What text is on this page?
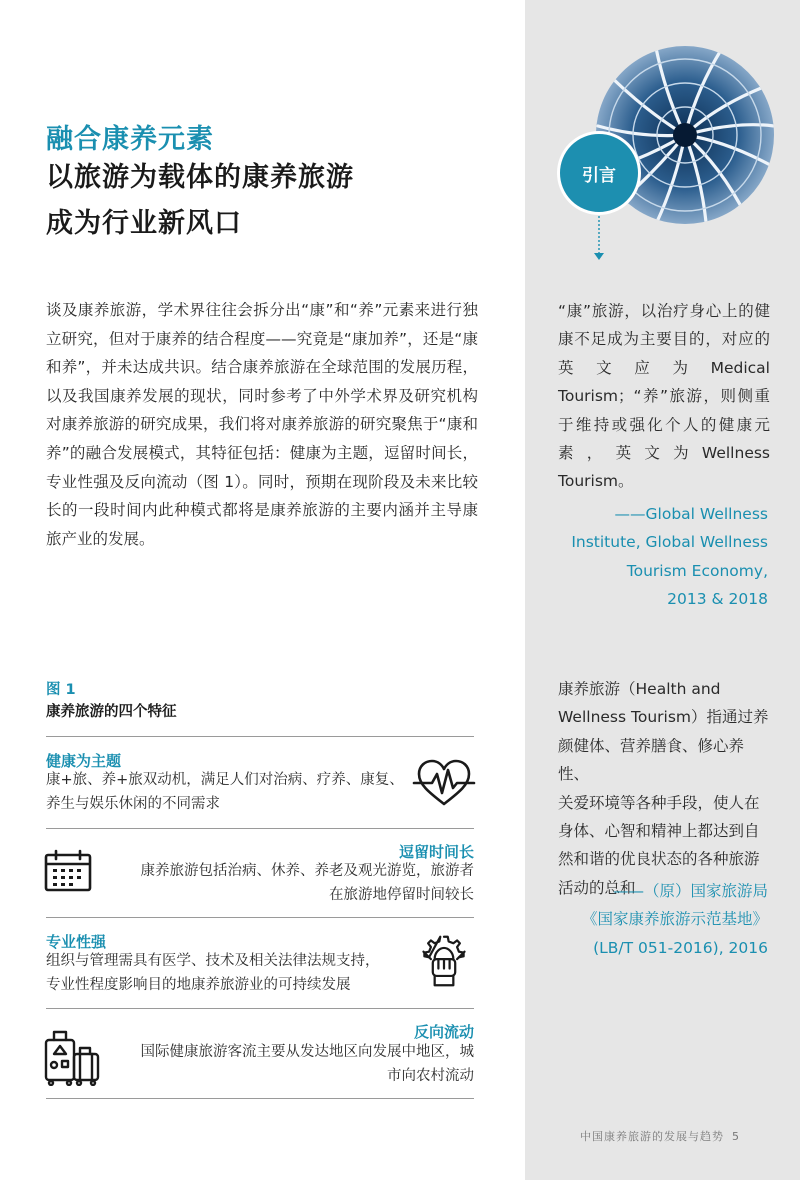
融合康养元素
以旅游为载体的康养旅游
成为行业新风口

谈及康养旅游，学术界往往会拆分出“康”和“养”元素来进行独立研究，但对于康养的结合程度——究竟是“康加养”，还是“康和养”，并未达成共识。结合康养旅游在全球范围的发展历程，以及我国康养发展的现状，同时参考了中外学术界及研究机构对康养旅游的研究成果，我们将对康养旅游的研究聚焦于“康和养”的融合发展模式，其特征包括：健康为主题，逗留时间长，专业性强及反向流动（图 1）。同时，预期在现阶段及未来比较长的一段时间内此种模式都将是康养旅游的主要内涵并主导康旅产业的发展。

图 1
康养旅游的四个特征
健康为主题
康+旅、养+旅双动机，满足人们对治病、疗养、康复、
养生与娱乐休闲的不同需求
逗留时间长
康养旅游包括治病、休养、养老及观光游览，旅游者
在旅游地停留时间较长
专业性强
组织与管理需具有医学、技术及相关法律法规支持，
专业性程度影响目的地康养旅游业的可持续发展
反向流动
国际健康旅游客流主要从发达地区向发展中地区，城
市向农村流动
引言

“康”旅游，以治疗身心上的健康不足成为主要目的，对应的英文应为Medical Tourism；“养”旅游，则侧重于维持或强化个人的健康元素，英文为Wellness Tourism。

——Global Wellness
Institute, Global Wellness
Tourism Economy,
2013 & 2018
康养旅游（Health and
Wellness Tourism）指通过养
颜健体、营养膳食、修心养性、
关爱环境等各种手段，使人在
身体、心智和精神上都达到自
然和谐的优良状态的各种旅游
活动的总和
——（原）国家旅游局
《国家康养旅游示范基地》
(LB/T 051-2016), 2016
中国康养旅游的发展与趋势 5
